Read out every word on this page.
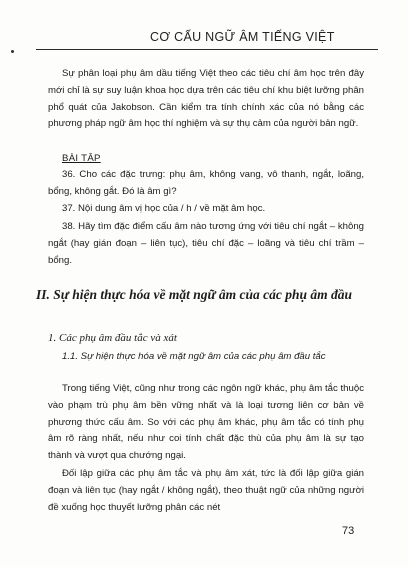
CƠ CẤU NGỮ ÂM TIẾNG VIỆT
Sự phân loại phụ âm dầu tiếng Việt theo các tiêu chí âm học trên đây mới chỉ là sự suy luận khoa học dựa trên các tiêu chí khu biệt lưỡng phân phổ quát của Jakobson. Cần kiểm tra tính chính xác của nó bằng các phương pháp ngữ âm học thí nghiệm và sự thụ cảm của người bản ngữ.
BÀI TẬP
36. Cho các đặc trưng: phụ âm, không vang, vô thanh, ngắt, loãng, bổng, không gắt. Đó là âm gì?
37. Nội dung âm vị học của / h / về mặt âm học.
38. Hãy tìm đặc điểm cấu âm nào tương ứng với tiêu chí ngắt – không ngắt (hay gián đoạn – liên tục), tiêu chí đặc – loãng và tiêu chí trầm – bổng.
II. Sự hiện thực hóa về mặt ngữ âm của các phụ âm đầu
1. Các phụ âm đầu tắc và xát
1.1. Sự hiện thực hóa về mặt ngữ âm của các phụ âm đầu tắc
Trong tiếng Việt, cũng như trong các ngôn ngữ khác, phụ âm tắc thuộc vào phạm trù phụ âm bền vững nhất và là loại tương liên cơ bản về phương thức cấu âm. So với các phụ âm khác, phụ âm tắc có tính phụ âm rõ ràng nhất, nếu như coi tính chất đặc thù của phụ âm là sự tạo thành và vượt qua chướng ngại.
Đối lập giữa các phụ âm tắc và phụ âm xát, tức là đối lập giữa gián đoạn và liên tục (hay ngắt / không ngắt), theo thuật ngữ của những người đề xuống học thuyết lưỡng phân các nét
73
